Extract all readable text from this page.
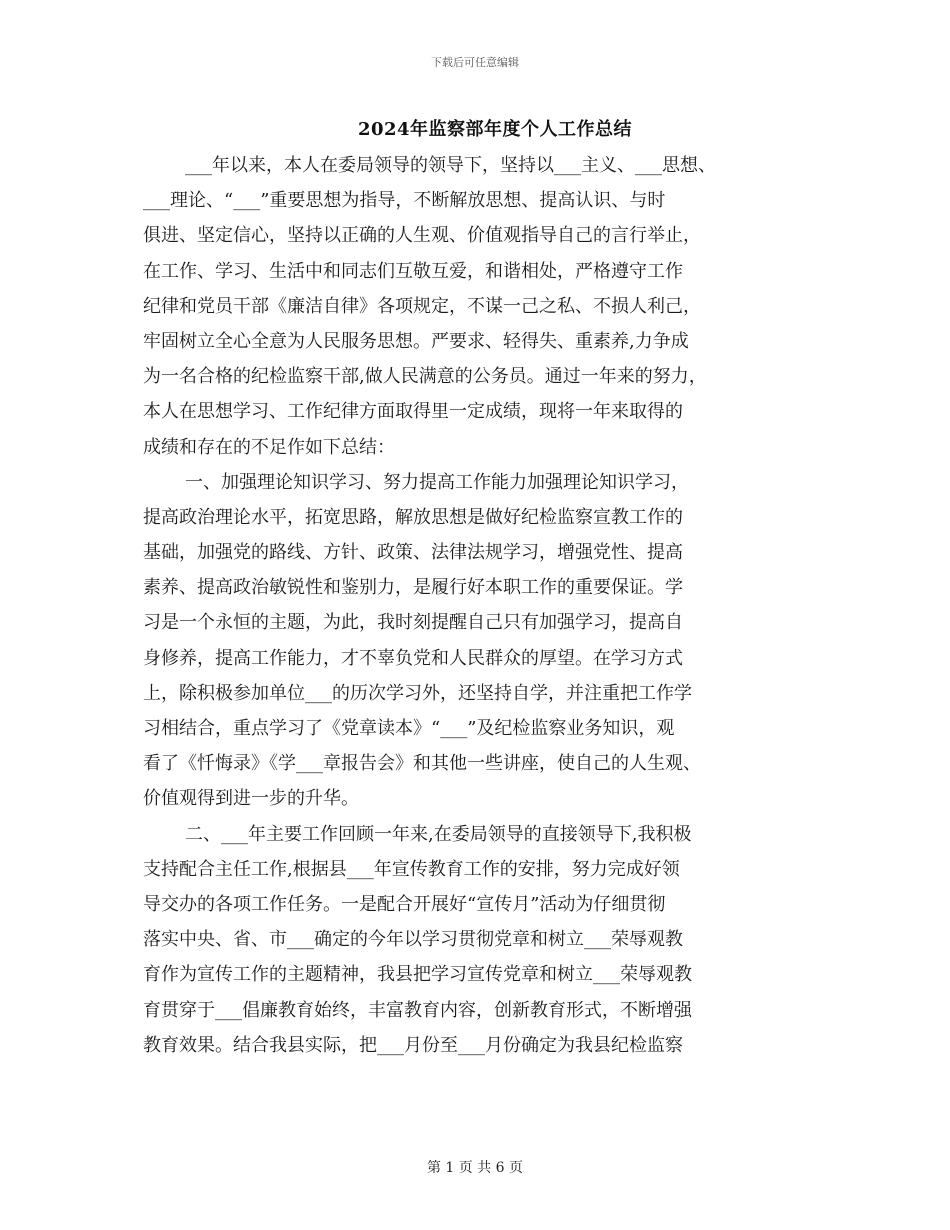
下载后可任意编辑
2024年监察部年度个人工作总结
___年以来，本人在委局领导的领导下，坚持以___主义、___思想、
___理论、“___”重要思想为指导，不断解放思想、提高认识、与时
俱进、坚定信心，坚持以正确的人生观、价值观指导自己的言行举止，
在工作、学习、生活中和同志们互敬互爱，和谐相处，严格遵守工作
纪律和党员干部《廉洁自律》各项规定，不谋一己之私、不损人利己，
牢固树立全心全意为人民服务思想。严要求、轻得失、重素养,力争成
为一名合格的纪检监察干部,做人民满意的公务员。通过一年来的努力，
本人在思想学习、工作纪律方面取得里一定成绩，现将一年来取得的
成绩和存在的不足作如下总结：
一、加强理论知识学习、努力提高工作能力加强理论知识学习，
提高政治理论水平，拓宽思路，解放思想是做好纪检监察宣教工作的
基础，加强党的路线、方针、政策、法律法规学习，增强党性、提高
素养、提高政治敏锐性和鉴别力，是履行好本职工作的重要保证。学
习是一个永恒的主题，为此，我时刻提醒自己只有加强学习，提高自
身修养，提高工作能力，才不辜负党和人民群众的厚望。在学习方式
上，除积极参加单位___的历次学习外，还坚持自学，并注重把工作学
习相结合，重点学习了《党章读本》“___”及纪检监察业务知识，观
看了《忏悔录》《学___章报告会》和其他一些讲座，使自己的人生观、
价值观得到进一步的升华。
二、___年主要工作回顾一年来,在委局领导的直接领导下,我积极
支持配合主任工作,根据县___年宣传教育工作的安排，努力完成好领
导交办的各项工作任务。一是配合开展好“宣传月”活动为仔细贯彻
落实中央、省、市___确定的今年以学习贯彻党章和树立___荣辱观教
育作为宣传工作的主题精神，我县把学习宣传党章和树立___荣辱观教
育贯穿于___倡廉教育始终，丰富教育内容，创新教育形式，不断增强
教育效果。结合我县实际，把___月份至___月份确定为我县纪检监察
第 1 页 共 6 页
